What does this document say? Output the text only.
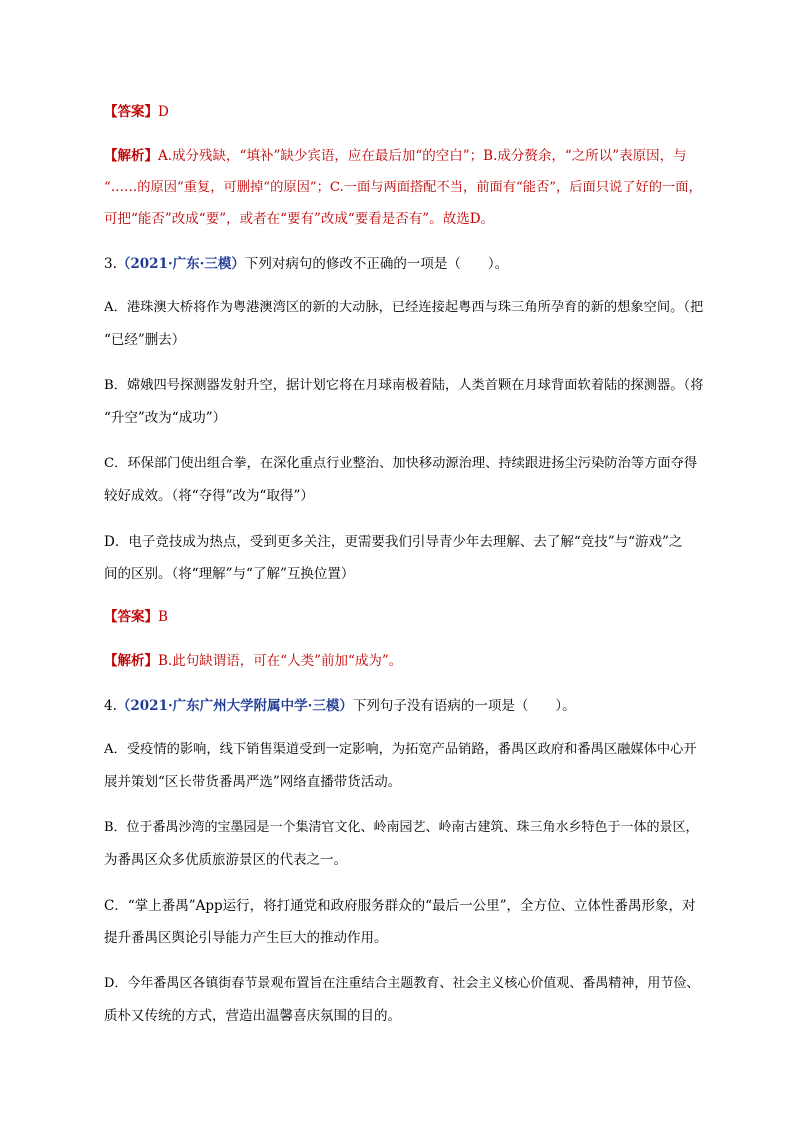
【答案】D
【解析】A.成分残缺，“填补”缺少宾语，应在最后加“的空白”；B.成分赘余，“之所以”表原因，与
“……的原因”重复，可删掉“的原因”；C.一面与两面搭配不当，前面有“能否”，后面只说了好的一面，
可把“能否”改成“要”，或者在“要有”改成“要看是否有”。故选D。
3.（2021·广东·三模）下列对病句的修改不正确的一项是（　　）。
A．港珠澳大桥将作为粤港澳湾区的新的大动脉，已经连接起粤西与珠三角所孕育的新的想象空间。（把
“已经”删去）
B．嫦娥四号探测器发射升空，据计划它将在月球南极着陆，人类首颗在月球背面软着陆的探测器。（将
“升空”改为“成功”）
C．环保部门使出组合拳，在深化重点行业整治、加快移动源治理、持续跟进扬尘污染防治等方面夺得
较好成效。（将“夺得”改为“取得”）
D．电子竞技成为热点，受到更多关注，更需要我们引导青少年去理解、去了解“竞技”与“游戏”之
间的区别。（将“理解”与“了解”互换位置）
【答案】B
【解析】B.此句缺谓语，可在“人类”前加“成为”。
4.（2021·广东广州大学附属中学·三模）下列句子没有语病的一项是（　　）。
A．受疫情的影响，线下销售渠道受到一定影响，为拓宽产品销路，番禺区政府和番禺区融媒体中心开
展并策划“区长带货番禺严选”网络直播带货活动。
B．位于番禺沙湾的宝墨园是一个集清官文化、岭南园艺、岭南古建筑、珠三角水乡特色于一体的景区，
为番禺区众多优质旅游景区的代表之一。
C．“掌上番禺”App运行，将打通党和政府服务群众的“最后一公里”，全方位、立体性番禺形象，对
提升番禺区舆论引导能力产生巨大的推动作用。
D．今年番禺区各镇街春节景观布置旨在注重结合主题教育、社会主义核心价值观、番禺精神，用节俭、
质朴又传统的方式，营造出温馨喜庆氛围的目的。
